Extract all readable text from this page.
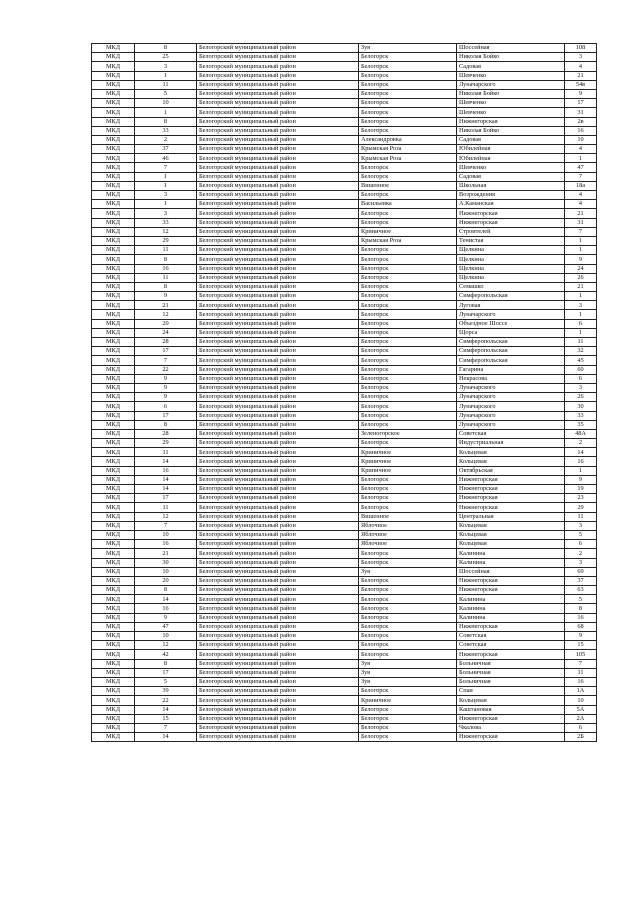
МКД	8	Белогорский муниципальный район	Зуя	Шоссейная	108
МКД	25	Белогорский муниципальный район	Белогорск	Николая Бойко	3
МКД	3	Белогорский муниципальный район	Белогорск	Садовая	4
МКД	1	Белогорский муниципальный район	Белогорск	Шевченко	21
МКД	11	Белогорский муниципальный район	Белогорск	Луначарского	54в
МКД	5	Белогорский муниципальный район	Белогорск	Николая Бойко	9
МКД	10	Белогорский муниципальный район	Белогорск	Шевченко	17
МКД	1	Белогорский муниципальный район	Белогорск	Шевченко	31
МКД	8	Белогорский муниципальный район	Белогорск	Нижнегорская	2в
МКД	33	Белогорский муниципальный район	Белогорск	Николая Бойко	16
МКД	2	Белогорский муниципальный район	Александровка	Садовая	10
МКД	37	Белогорский муниципальный район	Крымская Роза	Юбилейная	4
МКД	46	Белогорский муниципальный район	Крымская Роза	Юбилейная	1
МКД	7	Белогорский муниципальный район	Белогорск	Шевченко	47
МКД	1	Белогорский муниципальный район	Белогорск	Садовая	7
МКД	1	Белогорский муниципальный район	Вишенное	Школьная	18а
МКД	3	Белогорский муниципальный район	Белогорск	Возрождения	4
МКД	1	Белогорский муниципальный район	Васильевка	А.Каманская	4
МКД	3	Белогорский муниципальный район	Белогорск	Нижнегорская	21
МКД	33	Белогорский муниципальный район	Белогорск	Нижнегорская	31
МКД	12	Белогорский муниципальный район	Криничное	Строителей	7
МКД	29	Белогорский муниципальный район	Крымская Роза	Тенистая	1
МКД	11	Белогорский муниципальный район	Белогорск	Щелкина	1
МКД	8	Белогорский муниципальный район	Белогорск	Щелкина	9
МКД	16	Белогорский муниципальный район	Белогорск	Щелкина	24
МКД	11	Белогорский муниципальный район	Белогорск	Щелкина	26
МКД	8	Белогорский муниципальный район	Белогорск	Семашко	21
МКД	9	Белогорский муниципальный район	Белогорск	Симферопольская	1
МКД	21	Белогорский муниципальный район	Белогорск	Луговая	3
МКД	12	Белогорский муниципальный район	Белогорск	Луначарского	1
МКД	20	Белогорский муниципальный район	Белогорск	Объездное Шоссе	6
МКД	24	Белогорский муниципальный район	Белогорск	Щорса	1
МКД	28	Белогорский муниципальный район	Белогорск	Симферопольская	11
МКД	17	Белогорский муниципальный район	Белогорск	Симферопольская	32
МКД	7	Белогорский муниципальный район	Белогорск	Симферопольская	45
МКД	22	Белогорский муниципальный район	Белогорск	Гагарина	60
МКД	9	Белогорский муниципальный район	Белогорск	Некрасова	6
МКД	9	Белогорский муниципальный район	Белогорск	Луначарского	3
МКД	9	Белогорский муниципальный район	Белогорск	Луначарского	26
МКД	6	Белогорский муниципальный район	Белогорск	Луначарского	30
МКД	17	Белогорский муниципальный район	Белогорск	Луначарского	33
МКД	8	Белогорский муниципальный район	Белогорск	Луначарского	35
МКД	28	Белогорский муниципальный район	Зеленогорское	Советская	48А
МКД	29	Белогорский муниципальный район	Белогорск	Индустриальная	2
МКД	11	Белогорский муниципальный район	Криничное	Кольцевая	14
МКД	14	Белогорский муниципальный район	Криничное	Кольцевая	16
МКД	16	Белогорский муниципальный район	Криничное	Октябрьская	1
МКД	14	Белогорский муниципальный район	Белогорск	Нижнегорская	9
МКД	14	Белогорский муниципальный район	Белогорск	Нижнегорская	19
МКД	17	Белогорский муниципальный район	Белогорск	Нижнегорская	23
МКД	11	Белогорский муниципальный район	Белогорск	Нижнегорская	29
МКД	12	Белогорский муниципальный район	Вишенное	Центральная	11
МКД	7	Белогорский муниципальный район	Яблочное	Кольцевая	3
МКД	10	Белогорский муниципальный район	Яблочное	Кольцевая	5
МКД	16	Белогорский муниципальный район	Яблочное	Кольцевая	6
МКД	21	Белогорский муниципальный район	Белогорск	Калинина	2
МКД	30	Белогорский муниципальный район	Белогорск	Калинина	3
МКД	10	Белогорский муниципальный район	Зуя	Шоссейная	69
МКД	20	Белогорский муниципальный район	Белогорск	Нижнегорская	37
МКД	8	Белогорский муниципальный район	Белогорск	Нижнегорская	63
МКД	14	Белогорский муниципальный район	Белогорск	Калинина	5
МКД	16	Белогорский муниципальный район	Белогорск	Калинина	8
МКД	9	Белогорский муниципальный район	Белогорск	Калинина	16
МКД	47	Белогорский муниципальный район	Белогорск	Нижнегорская	68
МКД	10	Белогорский муниципальный район	Белогорск	Советская	9
МКД	12	Белогорский муниципальный район	Белогорск	Советская	15
МКД	42	Белогорский муниципальный район	Белогорск	Нижнегорская	105
МКД	8	Белогорский муниципальный район	Зуя	Больничная	7
МКД	17	Белогорский муниципальный район	Зуя	Больничная	11
МКД	5	Белогорский муниципальный район	Зуя	Больничная	16
МКД	39	Белогорский муниципальный район	Белогорск	Спаи	1А
МКД	22	Белогорский муниципальный район	Криничное	Кольцевая	10
МКД	14	Белогорский муниципальный район	Белогорск	Каштановая	5А
МКД	15	Белогорский муниципальный район	Белогорск	Нижнегорская	2А
МКД	7	Белогорский муниципальный район	Белогорск	Чкалова	6
МКД	14	Белогорский муниципальный район	Белогорск	Нижнегорская	2Б
